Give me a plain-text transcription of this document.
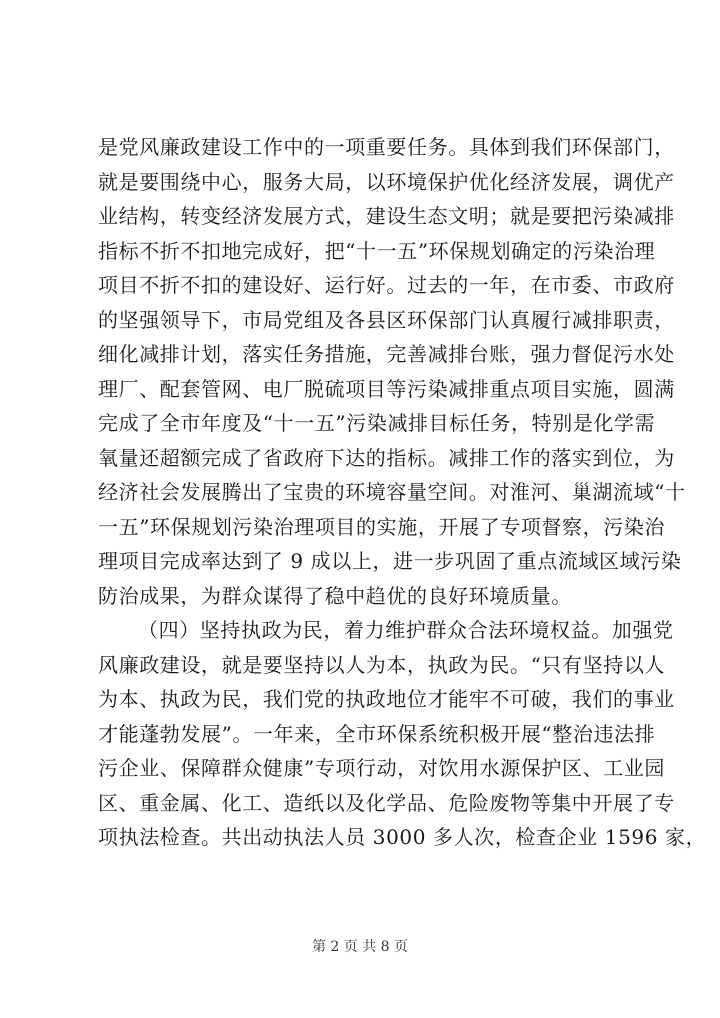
是党风廉政建设工作中的一项重要任务。具体到我们环保部门，
就是要围绕中心，服务大局，以环境保护优化经济发展，调优产
业结构，转变经济发展方式，建设生态文明；就是要把污染减排
指标不折不扣地完成好，把“十一五”环保规划确定的污染治理
项目不折不扣的建设好、运行好。过去的一年，在市委、市政府
的坚强领导下，市局党组及各县区环保部门认真履行减排职责，
细化减排计划，落实任务措施，完善减排台账，强力督促污水处
理厂、配套管网、电厂脱硫项目等污染减排重点项目实施，圆满
完成了全市年度及“十一五”污染减排目标任务，特别是化学需
氧量还超额完成了省政府下达的指标。减排工作的落实到位，为
经济社会发展腾出了宝贵的环境容量空间。对淮河、巢湖流域“十
一五”环保规划污染治理项目的实施，开展了专项督察，污染治
理项目完成率达到了 9 成以上，进一步巩固了重点流域区域污染
防治成果，为群众谋得了稳中趋优的良好环境质量。
（四）坚持执政为民，着力维护群众合法环境权益。加强党
风廉政建设，就是要坚持以人为本，执政为民。“只有坚持以人
为本、执政为民，我们党的执政地位才能牢不可破，我们的事业
才能蓬勃发展”。一年来，全市环保系统积极开展“整治违法排
污企业、保障群众健康”专项行动，对饮用水源保护区、工业园
区、重金属、化工、造纸以及化学品、危险废物等集中开展了专
项执法检查。共出动执法人员 3000 多人次，检查企业 1596 家，
第 2 页 共 8 页
